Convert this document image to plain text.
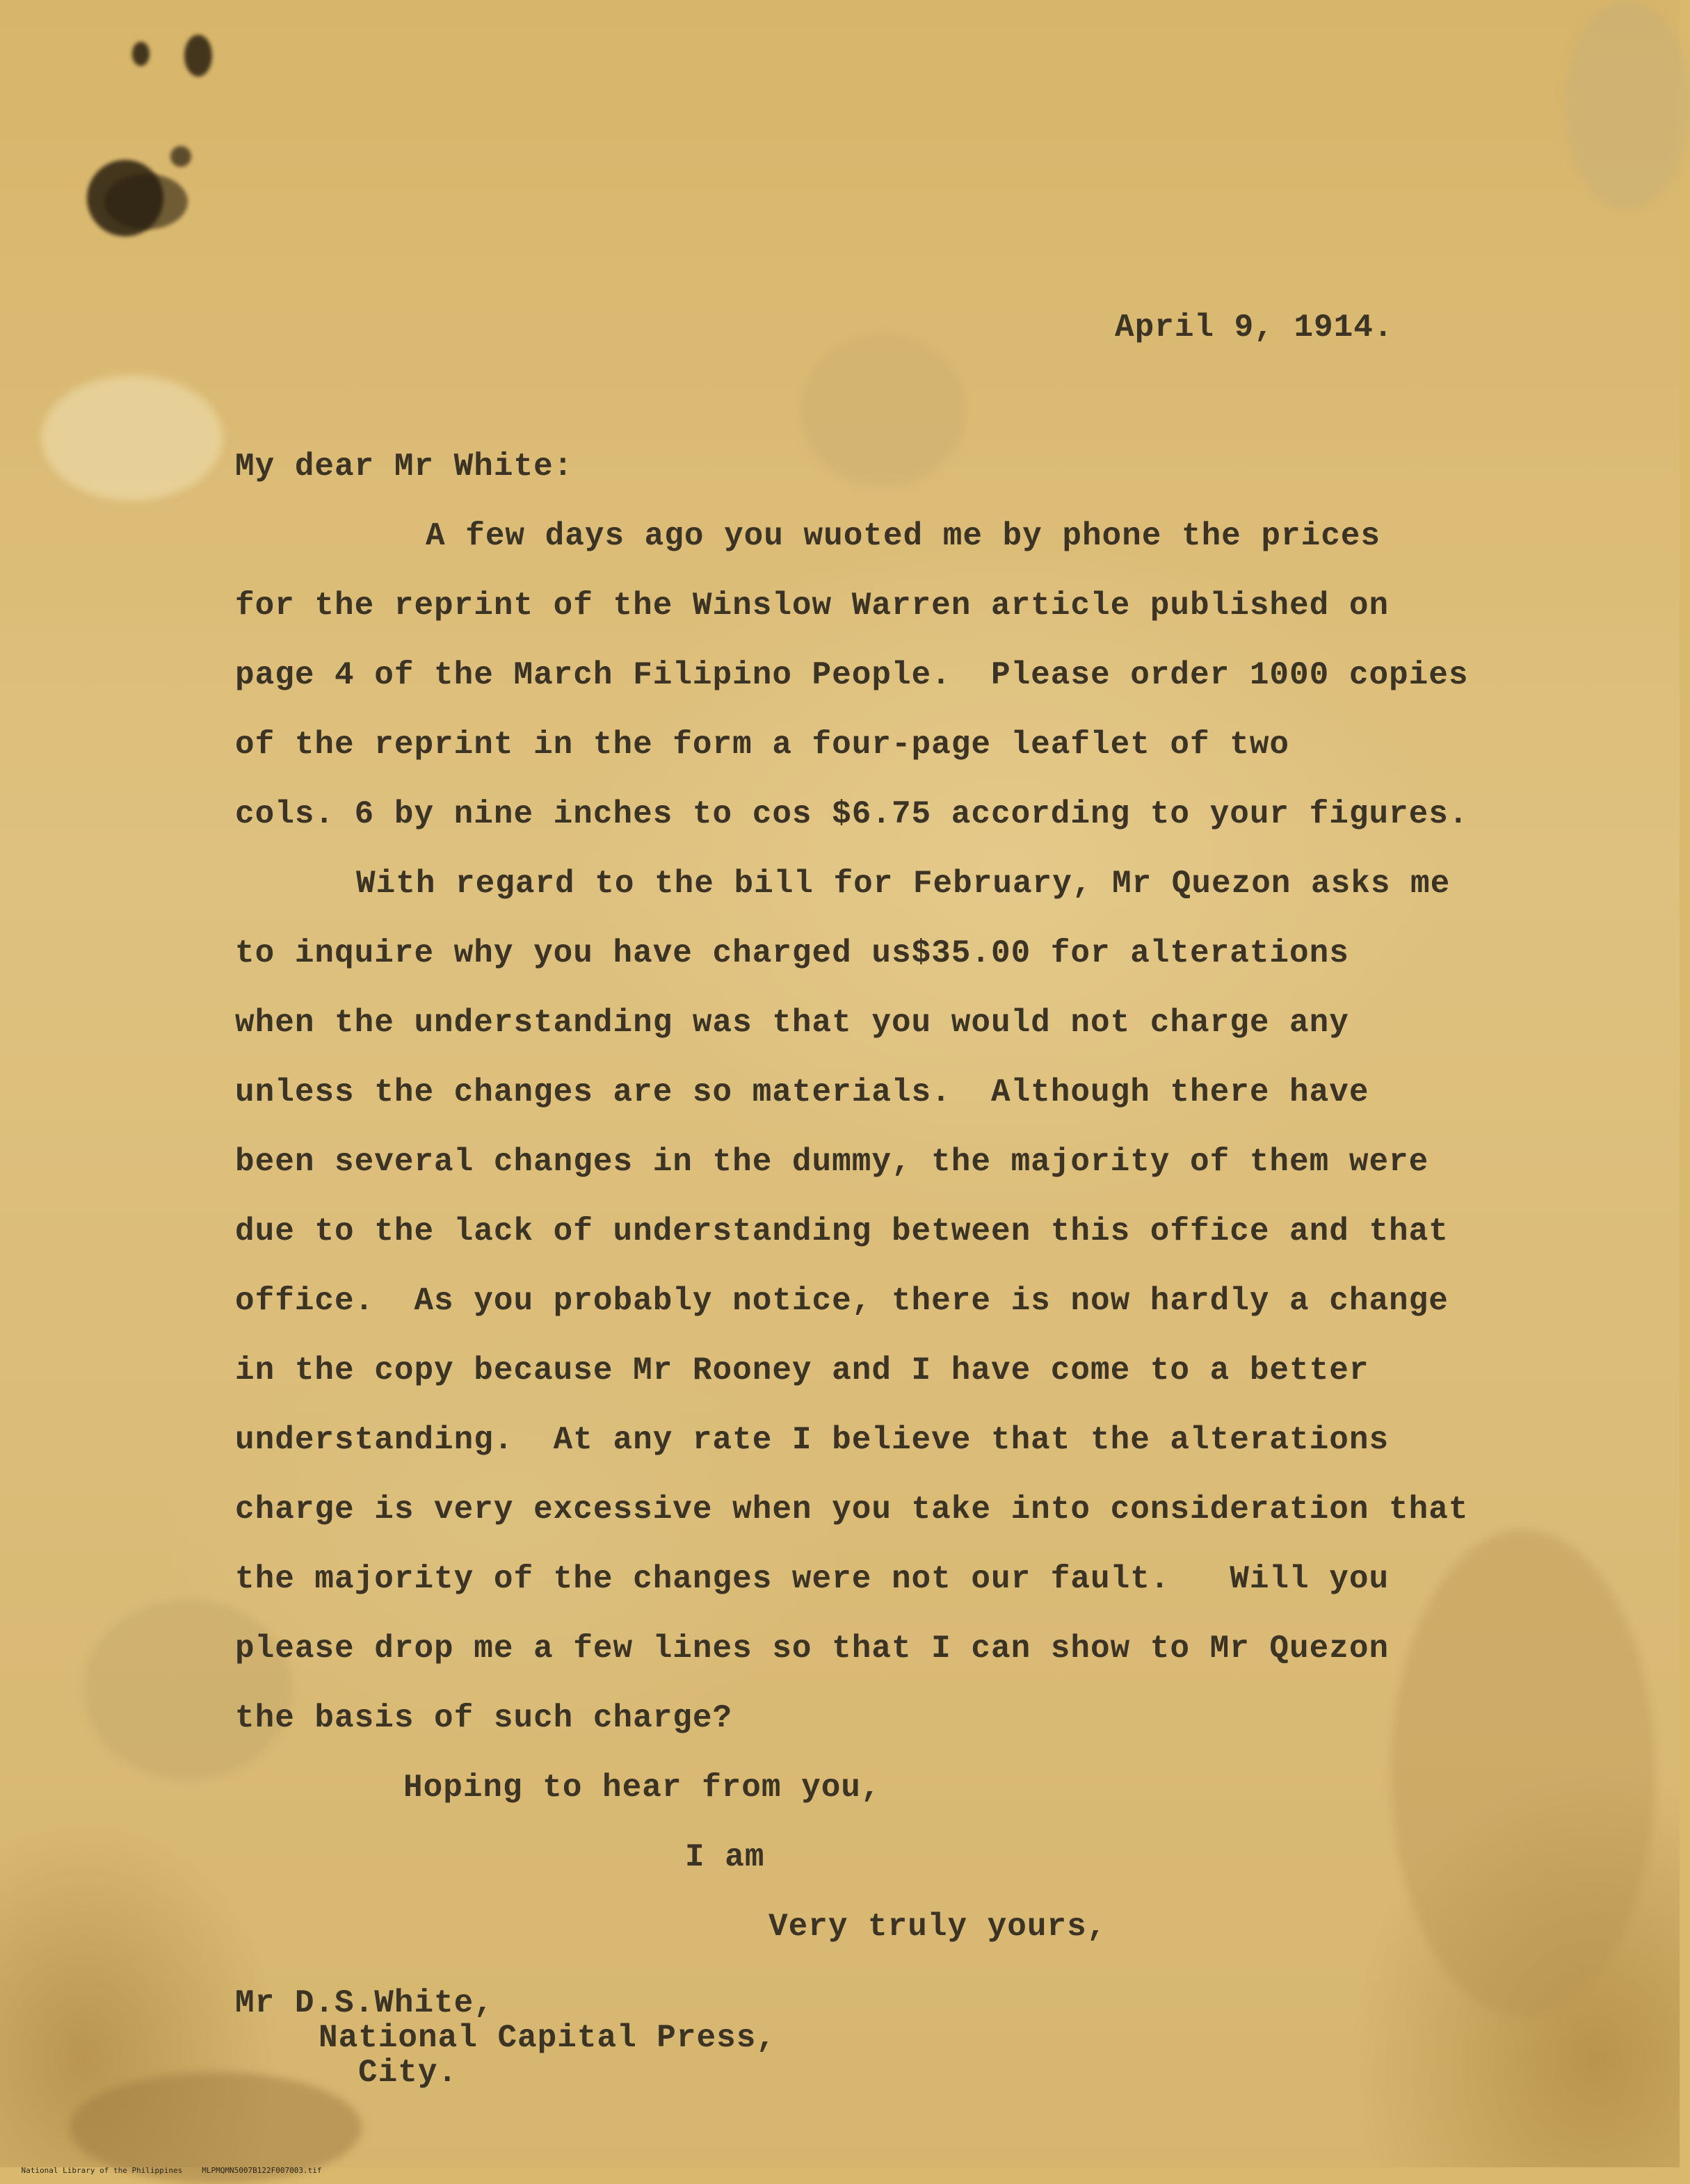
April 9, 1914.

My dear Mr White:

A few days ago you wuoted me by phone the prices

for the reprint of the Winslow Warren article published on

page 4 of the March Filipino People.  Please order 1000 copies

of the reprint in the form a four-page leaflet of two

cols. 6 by nine inches to cos $6.75 according to your figures.

With regard to the bill for February, Mr Quezon asks me

to inquire why you have charged us$35.00 for alterations

when the understanding was that you would not charge any

unless the changes are so materials.  Although there have

been several changes in the dummy, the majority of them were

due to the lack of understanding between this office and that

office.  As you probably notice, there is now hardly a change

in the copy because Mr Rooney and I have come to a better

understanding.  At any rate I believe that the alterations

charge is very excessive when you take into consideration that

the majority of the changes were not our fault.   Will you

please drop me a few lines so that I can show to Mr Quezon

the basis of such charge?

Hoping to hear from you,

I am

Very truly yours,

Mr D.S.White,

National Capital Press,

City.

National Library of the Philippines	MLPMQMN5007B122F007003.tif
